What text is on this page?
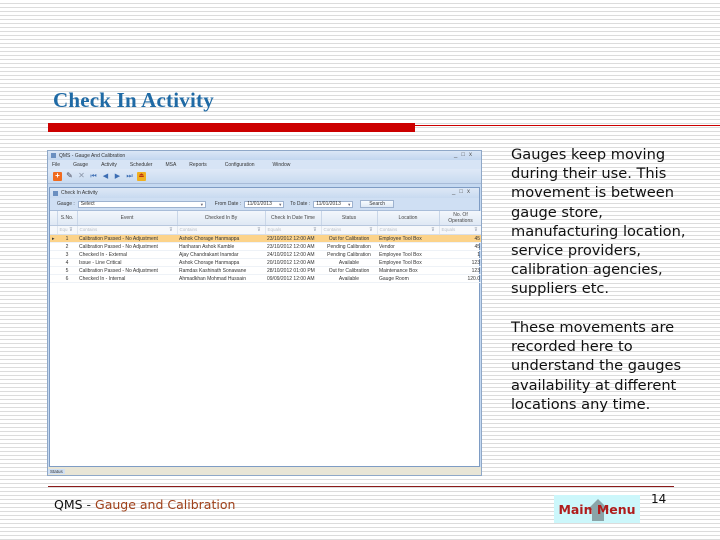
Check In Activity
QMS - Gauge And Calibration	_□x
File	Gauge	Activity	Scheduler	MSA	Reports	Configuration	Window
+ ✎ ✕ ⏮ ◀ ▶ ⏭ ⏏
Check In Activity	_□x
Gauge : Select	▼ From Date : 11/01/2013 ▼ To Date : 11/01/2013 ▼	Search
	S.No.	Event	Checked In By	Check In Date Time	Status	Location	No. Of Operations
	Equ ⊽	Contains ⊽	Contains ⊽	Equals ⊽	Contains ⊽	Contains ⊽	Equals ⊽

▸	1	Calibration Passed - No Adjustment	Ashok Chorage Hanmappa	23/10/2012 12:00 AM	Out for Calibration	Employee Tool Box	45
	2	Calibration Passed - No Adjustment	Hariharan Ashok Kamble	23/10/2012 12:00 AM	Pending Calibration	Vendor	45
	3	Checked In - External	Ajay Chandrakant Inamdar	24/10/2012 12:00 AM	Pending Calibration	Employee Tool Box	1
	4	Issue - Line Critical	Ashok Chorage Hanmappa	20/10/2012 12:00 AM	Available	Employee Tool Box	123
	5	Calibration Passed - No Adjustment	Ramdas Kashinath Sonawane	28/10/2012 01:00 PM	Out for Calibration	Maintenance Box	123
	6	Checked In - Internal	Ahmadkhan Mohmad Hussain	09/09/2012 12:00 AM	Available	Gauge Room	120.0
Status
Gauges keep moving
during their use. This
movement is between
gauge store,
manufacturing location,
service providers,
calibration agencies,
suppliers etc.
These movements are
recorded here to
understand the gauges
availability at different
locations any time.
QMS - Gauge and Calibration	Main Menu
14
